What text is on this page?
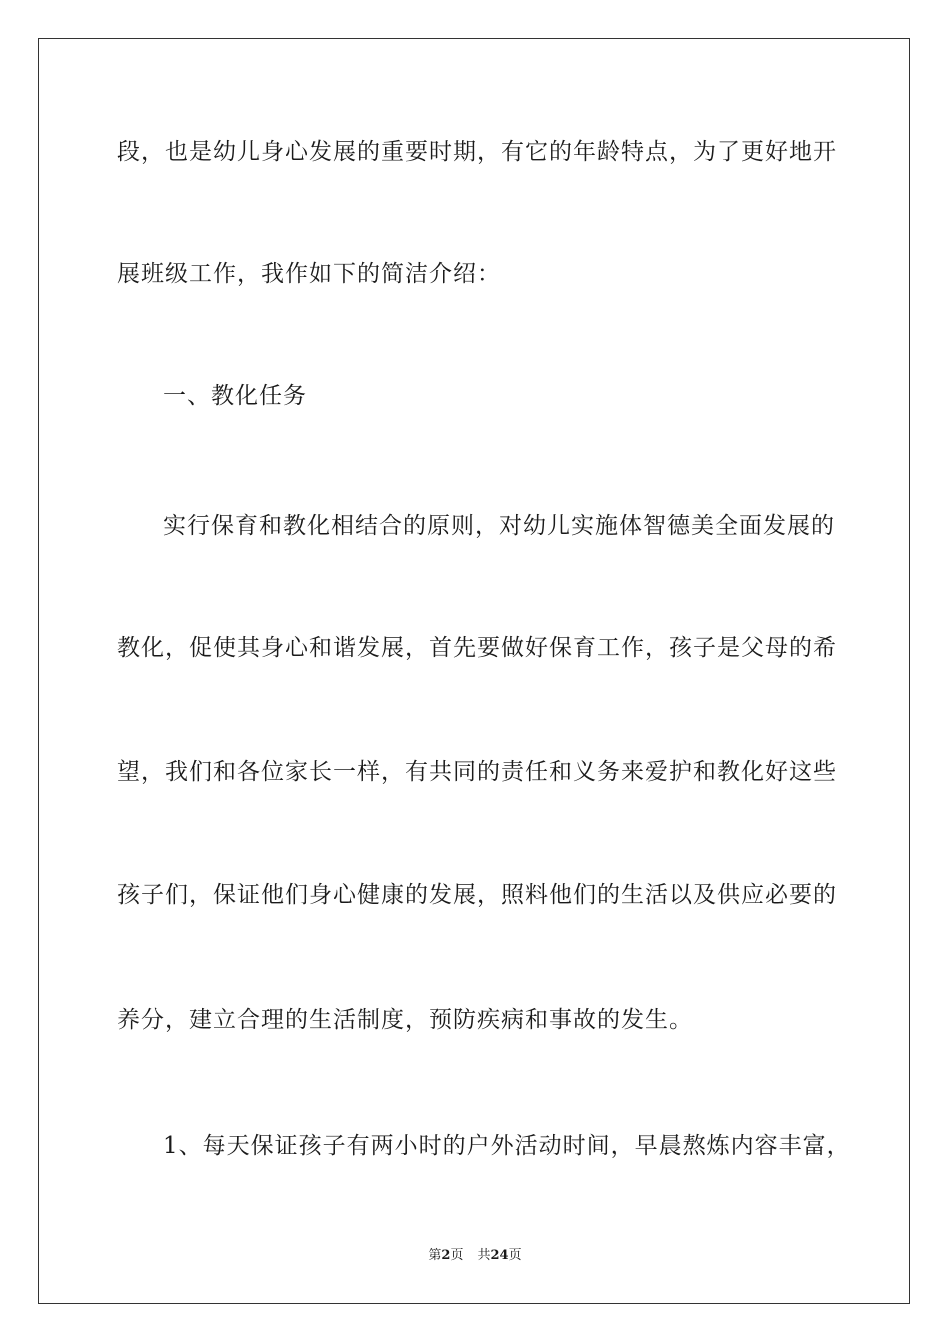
段，也是幼儿身心发展的重要时期，有它的年龄特点，为了更好地开
展班级工作，我作如下的简洁介绍：
一、教化任务
实行保育和教化相结合的原则，对幼儿实施体智德美全面发展的
教化，促使其身心和谐发展，首先要做好保育工作，孩子是父母的希
望，我们和各位家长一样，有共同的责任和义务来爱护和教化好这些
孩子们，保证他们身心健康的发展，照料他们的生活以及供应必要的
养分，建立合理的生活制度，预防疾病和事故的发生。
1、每天保证孩子有两小时的户外活动时间，早晨熬炼内容丰富，
第2页 共24页
